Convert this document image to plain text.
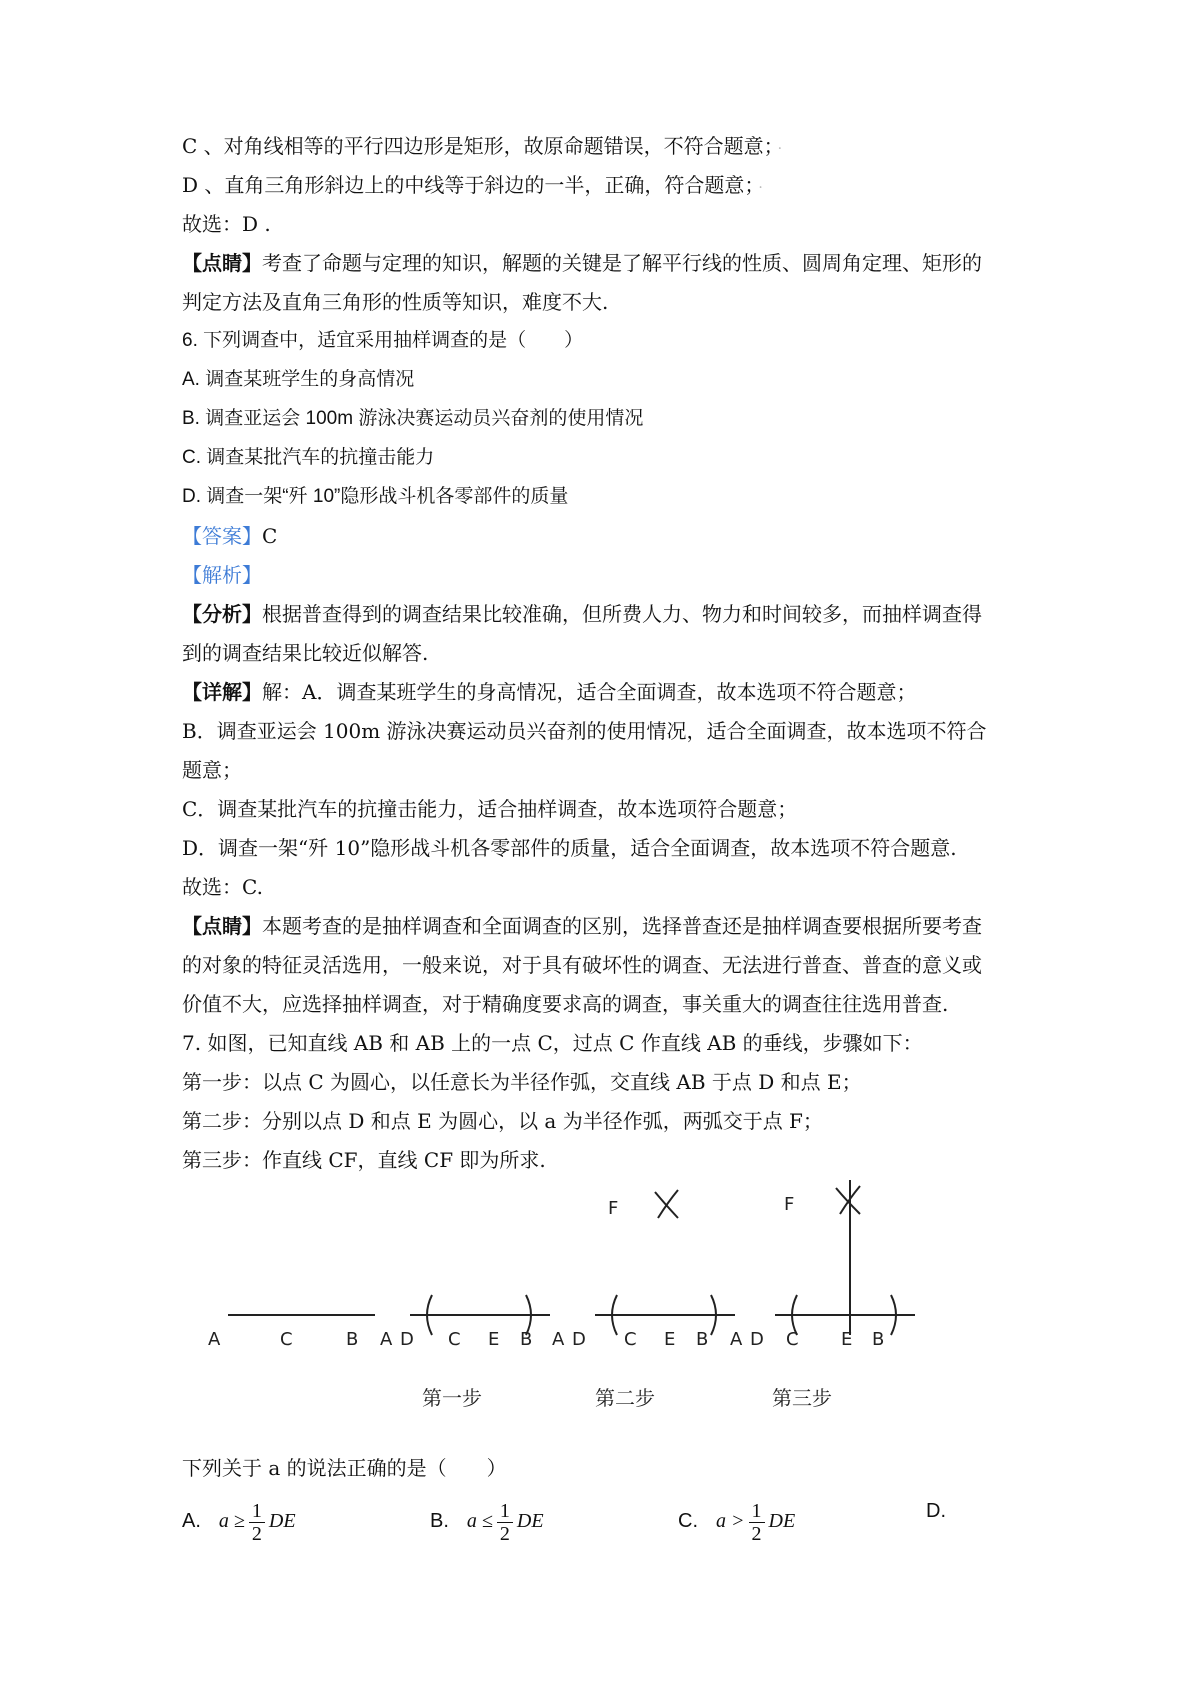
C 、对角线相等的平行四边形是矩形，故原命题错误，不符合题意； ·
D 、直角三角形斜边上的中线等于斜边的一半，正确，符合题意； ·
故选：D .
【点睛】考查了命题与定理的知识，解题的关键是了解平行线的性质、圆周角定理、矩形的
判定方法及直角三角形的性质等知识，难度不大.
6. 下列调查中，适宜采用抽样调查的是（　　）
A. 调查某班学生的身高情况
B. 调查亚运会 100m 游泳决赛运动员兴奋剂的使用情况
C. 调查某批汽车的抗撞击能力
D. 调查一架“歼 10”隐形战斗机各零部件的质量
【答案】C
【解析】
【分析】根据普查得到的调查结果比较准确，但所费人力、物力和时间较多，而抽样调查得
到的调查结果比较近似解答.
【详解】解：A．调查某班学生的身高情况，适合全面调查，故本选项不符合题意；
B．调查亚运会 100m 游泳决赛运动员兴奋剂的使用情况，适合全面调查，故本选项不符合
题意；
C．调查某批汽车的抗撞击能力，适合抽样调查，故本选项符合题意；
D．调查一架“歼 10”隐形战斗机各零部件的质量，适合全面调查，故本选项不符合题意.
故选：C.
【点睛】本题考查的是抽样调查和全面调查的区别，选择普查还是抽样调查要根据所要考查
的对象的特征灵活选用，一般来说，对于具有破坏性的调查、无法进行普查、普查的意义或
价值不大，应选择抽样调查，对于精确度要求高的调查，事关重大的调查往往选用普查.
7. 如图，已知直线 AB 和 AB 上的一点 C，过点 C 作直线 AB 的垂线，步骤如下：
第一步：以点 C 为圆心，以任意长为半径作弧，交直线 AB 于点 D 和点 E；
第二步：分别以点 D 和点 E 为圆心，以 a 为半径作弧，两弧交于点 F；
第三步：作直线 CF，直线 CF 即为所求.
A	C	B A D C E B A D C E B
F
A D C E B
F
第一步	第二步	第三步
下列关于 a 的说法正确的是（　　）
A. $a \ge \frac{1}{2}$ DE	B. $a \le \frac{1}{2}$ DE	C. $a > \frac{1}{2}$ DE	D.
